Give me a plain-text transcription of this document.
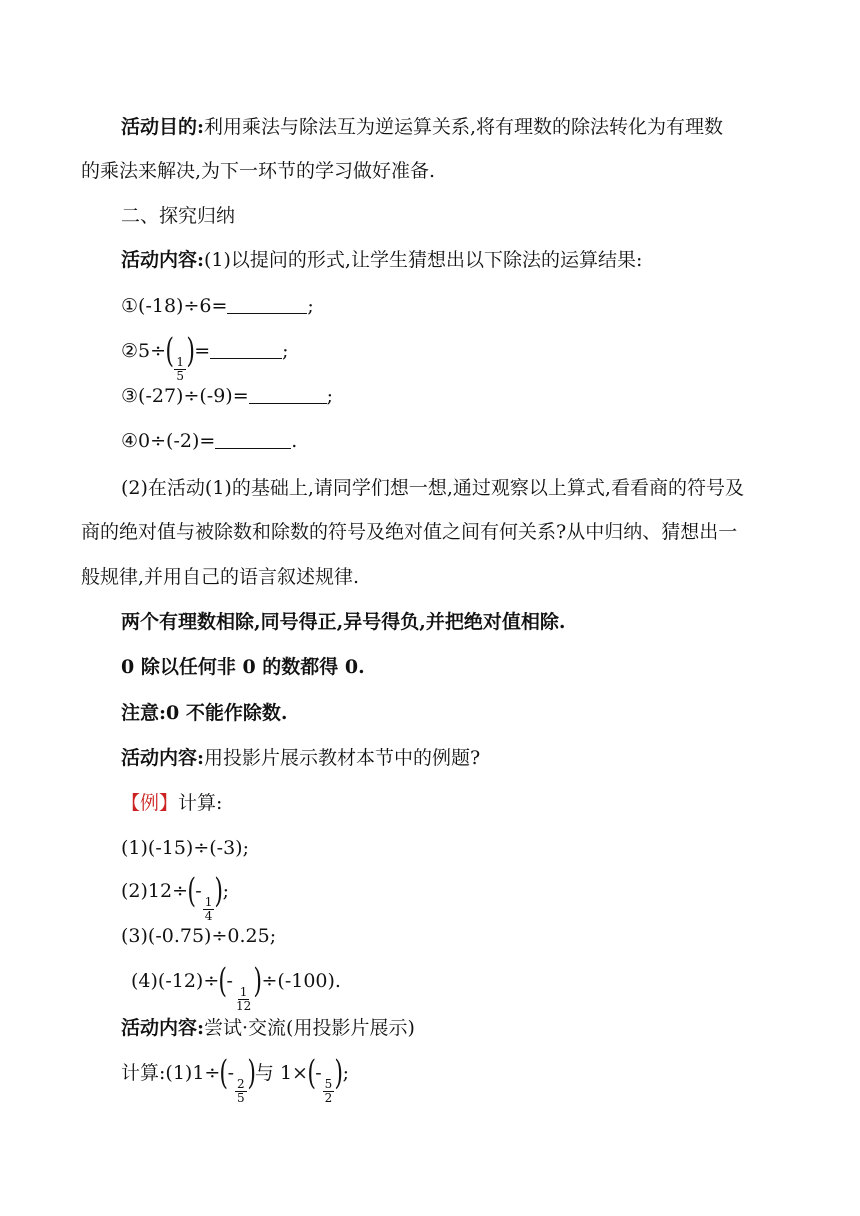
活动目的:利用乘法与除法互为逆运算关系,将有理数的除法转化为有理数
的乘法来解决,为下一环节的学习做好准备.
二、探究归纳
活动内容:(1)以提问的形式,让学生猜想出以下除法的运算结果:
①(-18)÷6=	;
②5÷( $\frac{1}{5}$ )=	;
③(-27)÷(-9)=	;
④0÷(-2)=	.
(2)在活动(1)的基础上,请同学们想一想,通过观察以上算式,看看商的符号及
商的绝对值与被除数和除数的符号及绝对值之间有何关系?从中归纳、猜想出一
般规律,并用自己的语言叙述规律.
两个有理数相除,同号得正,异号得负,并把绝对值相除.
0 除以任何非 0 的数都得 0.
注意:0 不能作除数.
活动内容:用投影片展示教材本节中的例题?
【例】计算:
(1)(-15)÷(-3);
(2)12÷(-
$\frac{1}{4}$ );
(3)(-0.75)÷0.25;
(4)(-12)÷(-
$\frac{1}{12} )\div(-100)$.
活动内容:尝试·交流(用投影片展示)
计算:(1)1÷(-
$\frac{2}{5}$ )与 1×(-
$\frac{5}{2}$ );
